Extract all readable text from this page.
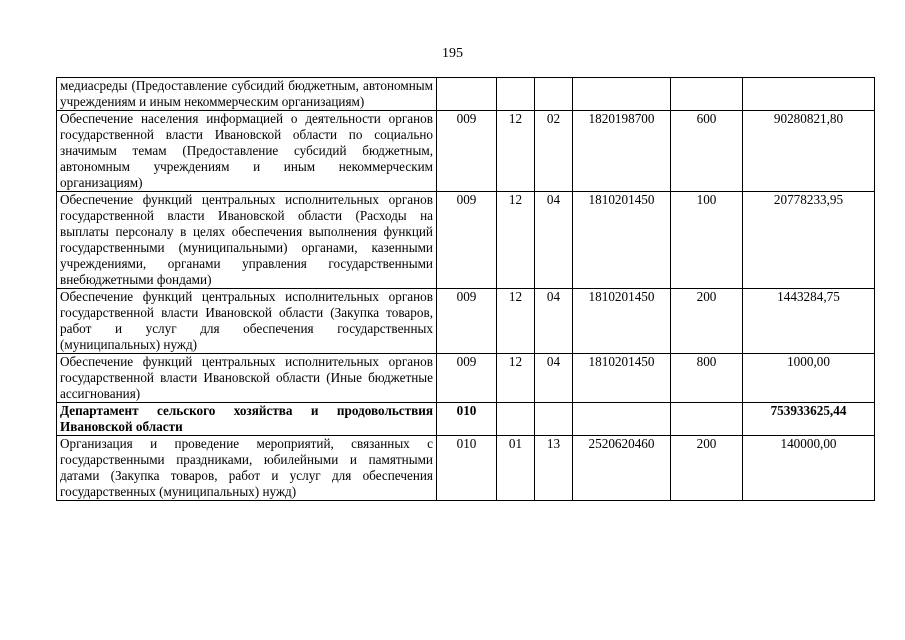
195
медиасреды (Предоставление субсидий бюджетным, автономным учреждениям и иным некоммерческим организациям)						
Обеспечение населения информацией о деятельности органов государственной власти Ивановской области по социально значимым темам (Предоставление субсидий бюджетным, автономным учреждениям и иным некоммерческим организациям)	009	12	02	1820198700	600	90280821,80
Обеспечение функций центральных исполнительных органов государственной власти Ивановской области (Расходы на выплаты персоналу в целях обеспечения выполнения функций государственными (муниципальными) органами, казенными учреждениями, органами управления государственными внебюджетными фондами)	009	12	04	1810201450	100	20778233,95
Обеспечение функций центральных исполнительных органов государственной власти Ивановской области (Закупка товаров, работ и услуг для обеспечения государственных (муниципальных) нужд)	009	12	04	1810201450	200	1443284,75
Обеспечение функций центральных исполнительных органов государственной власти Ивановской области (Иные бюджетные ассигнования)	009	12	04	1810201450	800	1000,00
Департамент сельского хозяйства и продовольствия Ивановской области	010					753933625,44
Организация и проведение мероприятий, связанных с государственными праздниками, юбилейными и памятными датами (Закупка товаров, работ и услуг для обеспечения государственных (муниципальных) нужд)	010	01	13	2520620460	200	140000,00
